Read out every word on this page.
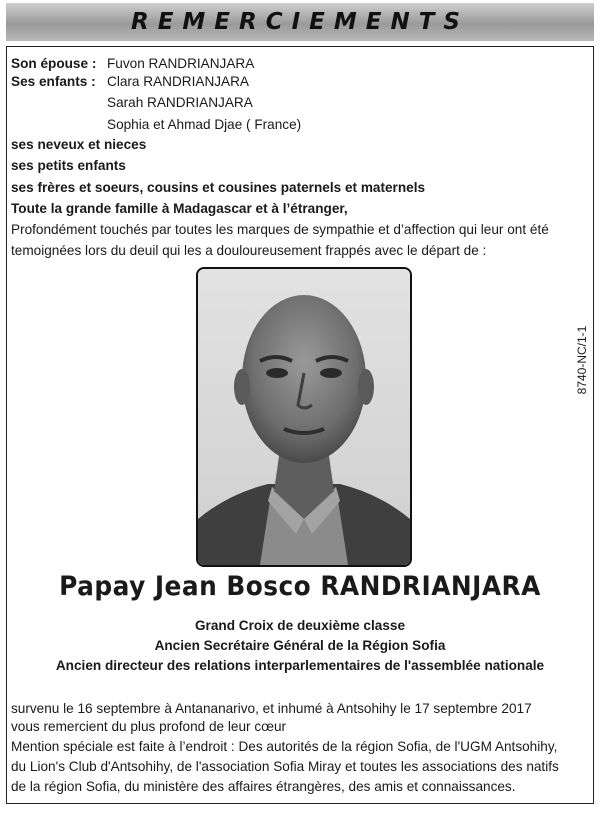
REMERCIEMENTS
Son épouse : Fuvon RANDRIANJARA
Ses enfants : Clara RANDRIANJARA
Sarah RANDRIANJARA
Sophia et Ahmad Djae ( France)
ses neveux et nieces
ses petits enfants
ses frères et soeurs, cousins et cousines paternels et maternels
Toute la grande famille à Madagascar et à l’étranger,
Profondément touchés par toutes les marques de sympathie et d’affection qui leur ont été
temoignées lors du deuil qui les a douloureusement frappés avec le départ de :
8740-NC/1-1
Papay Jean Bosco RANDRIANJARA
Grand Croix de deuxième classe
Ancien Secrétaire Général de la Région Sofia
Ancien directeur des relations interparlementaires de l'assemblée nationale
survenu le 16 septembre à Antananarivo, et inhumé à Antsohihy le 17 septembre 2017
vous remercient du plus profond de leur cœur
Mention spéciale est faite à l’endroit : Des autorités de la région Sofia, de l'UGM Antsohihy,
du Lion's Club d'Antsohihy, de l'association Sofia Miray et toutes les associations des natifs
de la région Sofia, du ministère des affaires étrangères, des amis et connaissances.
